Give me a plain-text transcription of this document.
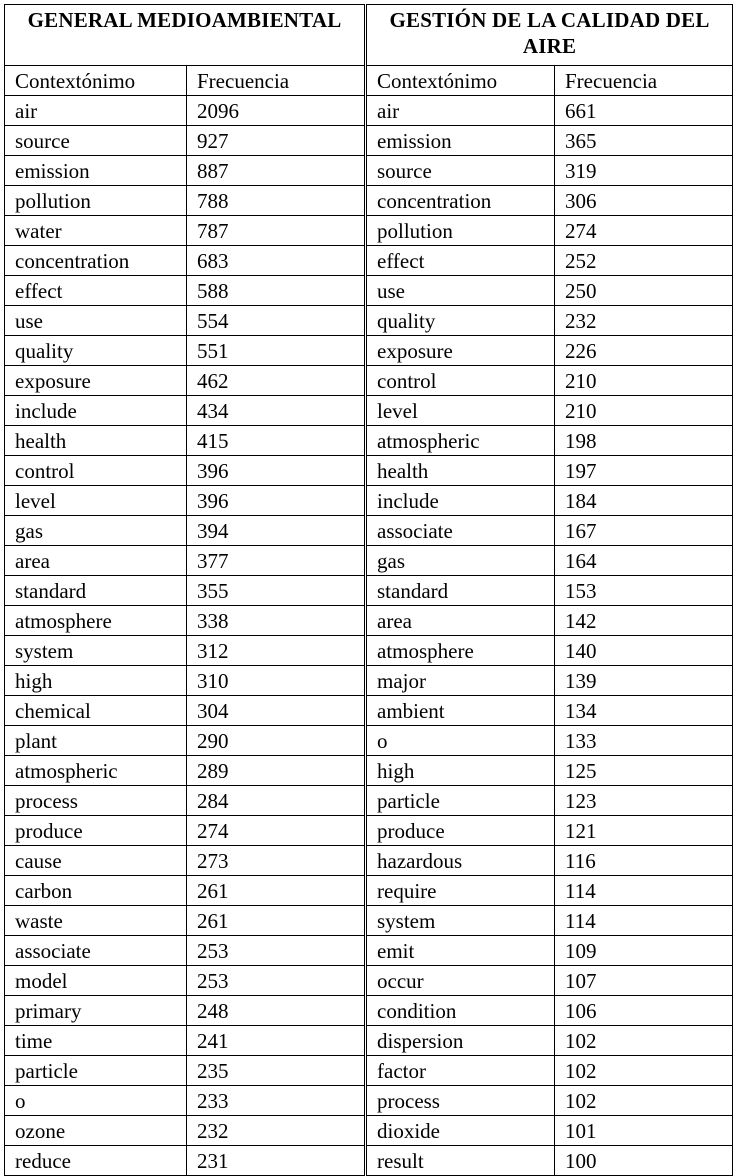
GENERAL MEDIOAMBIENTAL		GESTIÓN DE LA CALIDAD DEL AIRE	
Contextónimo	Frecuencia	Contextónimo	Frecuencia
air	2096	air	661
source	927	emission	365
emission	887	source	319
pollution	788	concentration	306
water	787	pollution	274
concentration	683	effect	252
effect	588	use	250
use	554	quality	232
quality	551	exposure	226
exposure	462	control	210
include	434	level	210
health	415	atmospheric	198
control	396	health	197
level	396	include	184
gas	394	associate	167
area	377	gas	164
standard	355	standard	153
atmosphere	338	area	142
system	312	atmosphere	140
high	310	major	139
chemical	304	ambient	134
plant	290	o	133
atmospheric	289	high	125
process	284	particle	123
produce	274	produce	121
cause	273	hazardous	116
carbon	261	require	114
waste	261	system	114
associate	253	emit	109
model	253	occur	107
primary	248	condition	106
time	241	dispersion	102
particle	235	factor	102
o	233	process	102
ozone	232	dioxide	101
reduce	231	result	100
